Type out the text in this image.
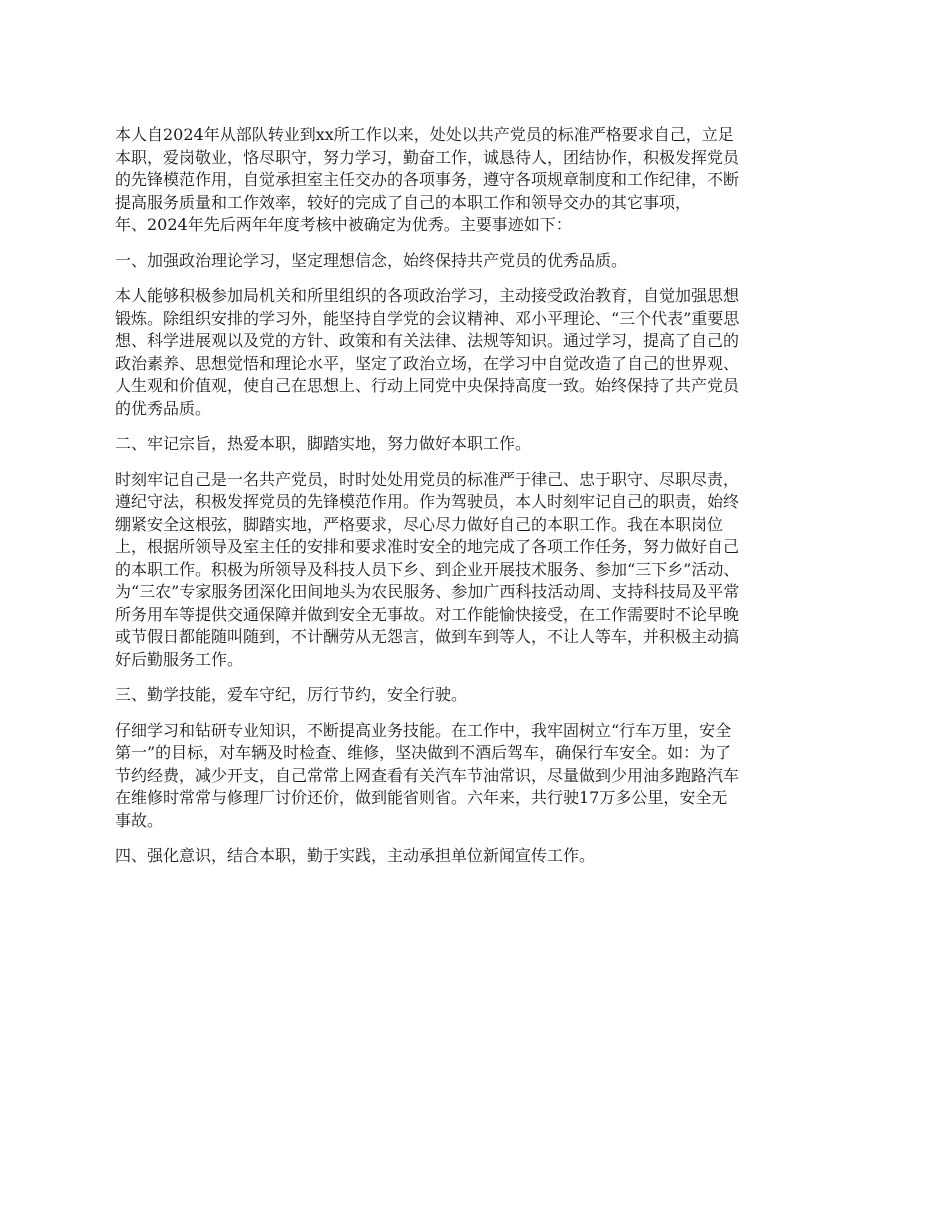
本人自2024年从部队转业到xx所工作以来，处处以共产党员的标准严格要求自己，立足
本职，爱岗敬业，恪尽职守，努力学习，勤奋工作，诚恳待人，团结协作，积极发挥党员
的先锋模范作用，自觉承担室主任交办的各项事务，遵守各项规章制度和工作纪律，不断
提高服务质量和工作效率，较好的完成了自己的本职工作和领导交办的其它事项，
年、2024年先后两年年度考核中被确定为优秀。主要事迹如下：

一、加强政治理论学习，坚定理想信念，始终保持共产党员的优秀品质。

本人能够积极参加局机关和所里组织的各项政治学习，主动接受政治教育，自觉加强思想
锻炼。除组织安排的学习外，能坚持自学党的会议精神、邓小平理论、“三个代表”重要思
想、科学进展观以及党的方针、政策和有关法律、法规等知识。通过学习，提高了自己的
政治素养、思想觉悟和理论水平，坚定了政治立场，在学习中自觉改造了自己的世界观、
人生观和价值观，使自己在思想上、行动上同党中央保持高度一致。始终保持了共产党员
的优秀品质。

二、牢记宗旨，热爱本职，脚踏实地，努力做好本职工作。

时刻牢记自己是一名共产党员，时时处处用党员的标准严于律己、忠于职守、尽职尽责，
遵纪守法，积极发挥党员的先锋模范作用。作为驾驶员，本人时刻牢记自己的职责，始终
绷紧安全这根弦，脚踏实地，严格要求，尽心尽力做好自己的本职工作。我在本职岗位
上，根据所领导及室主任的安排和要求准时安全的地完成了各项工作任务，努力做好自己
的本职工作。积极为所领导及科技人员下乡、到企业开展技术服务、参加“三下乡”活动、
为“三农”专家服务团深化田间地头为农民服务、参加广西科技活动周、支持科技局及平常
所务用车等提供交通保障并做到安全无事故。对工作能愉快接受，在工作需要时不论早晚
或节假日都能随叫随到，不计酬劳从无怨言，做到车到等人，不让人等车，并积极主动搞
好后勤服务工作。

三、勤学技能，爱车守纪，厉行节约，安全行驶。

仔细学习和钻研专业知识，不断提高业务技能。在工作中，我牢固树立“行车万里，安全
第一”的目标，对车辆及时检查、维修，坚决做到不酒后驾车，确保行车安全。如：为了
节约经费，减少开支，自己常常上网查看有关汽车节油常识，尽量做到少用油多跑路汽车
在维修时常常与修理厂讨价还价，做到能省则省。六年来，共行驶17万多公里，安全无
事故。

四、强化意识，结合本职，勤于实践，主动承担单位新闻宣传工作。
